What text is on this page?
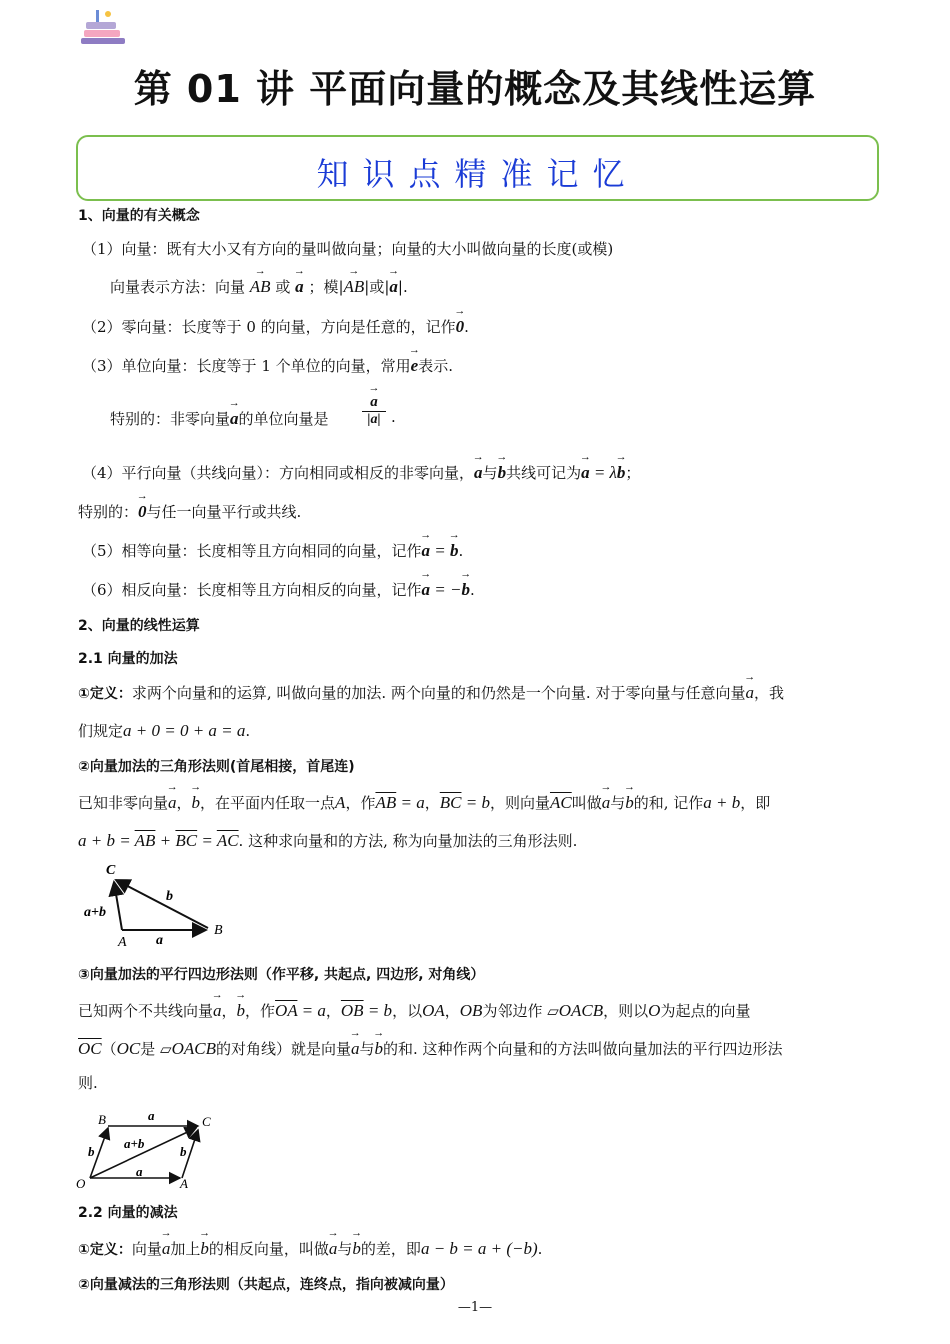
第 01 讲 平面向量的概念及其线性运算
知识点精准记忆
1、向量的有关概念
（1）向量：既有大小又有方向的量叫做向量；向量的大小叫做向量的长度(或模)
向量表示方法：向量 → AB 或 → a ；模|→ AB|或|→ a|.
（2）零向量：长度等于 0 的向量，方向是任意的，记作→ 0.
（3）单位向量：长度等于 1 个单位的向量，常用→ e表示.
特别的：非零向量→ a的单位向量是
→ a
|a| .
（4）平行向量（共线向量）：方向相同或相反的非零向量，→ a与→ b共线可记为→ a = λ→ b；
特别的：→ 0与任一向量平行或共线.
（5）相等向量：长度相等且方向相同的向量，记作→ a = → b.
（6）相反向量：长度相等且方向相反的向量，记作→ a = −→ b.
2、向量的线性运算
2.1 向量的加法
①定义：求两个向量和的运算, 叫做向量的加法. 两个向量的和仍然是一个向量. 对于零向量与任意向量→ a，我
们规定a + 0 = 0 + a = a.
②向量加法的三角形法则(首尾相接，首尾连)
已知非零向量→ a，→ b，在平面内任取一点A，作$\overline{AB} = a$，$\overline{BC} = b$，则向量$\overline{AC}$叫做→ a与→ b的和, 记作a + b，即
$a + b = \overline{AB} + \overline{BC} = \overline{AC}$. 这种求向量和的方法, 称为向量加法的三角形法则.
C
A
B
a
b
a+b
③向量加法的平行四边形法则（作平移, 共起点, 四边形, 对角线）
已知两个不共线向量→ a，→ b，作$\overline{OA} = a$，$\overline{OB} = b$，以OA，OB为邻边作 ▱OACB，则以O为起点的向量
$\overline{OC}(OC$是 ▱OACB的对角线）就是向量→ a与→ b的和. 这种作两个向量和的方法叫做向量加法的平行四边形法
则.
B	C
O	A
a
a
b	b
a+b
2.2 向量的减法
①定义：向量→ a加上→ b的相反向量，叫做→ a与→ b的差，即a − b = a + (−b).
②向量减法的三角形法则（共起点，连终点，指向被减向量）
—1—
